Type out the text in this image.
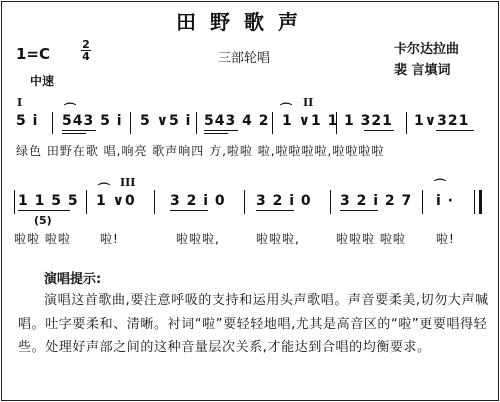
田野歌声
三部轮唱
卡尔达拉曲
裴 言填词
1=C
2
4
中速
I	II
⌒	⌒
5 i 543 5 i 5 ∨5 i 543 4 2 1 ∨1 1 1 321 1∨321
绿色 田野在歌 唱,响亮 歌声响四 方,啦啦 啦,啦啦啦啦,啦啦啦啦
III
⌒	⌒
1 1 5 5 1 ∨0 3 2 i 0 3 2 i 0 3 2 i 2 7 i ·
(5)
啦啦 啦啦 啦!	啦啦啦,	啦啦啦,	啦啦啦 啦啦	啦!
演唱提示:
演唱这首歌曲,要注意呼吸的支持和运用头声歌唱。声音要柔美,切勿大声喊唱。吐字要柔和、清晰。衬词“啦”要轻轻地唱,尤其是高音区的“啦”更要唱得轻些。处理好声部之间的这种音量层次关系,才能达到合唱的均衡要求。
